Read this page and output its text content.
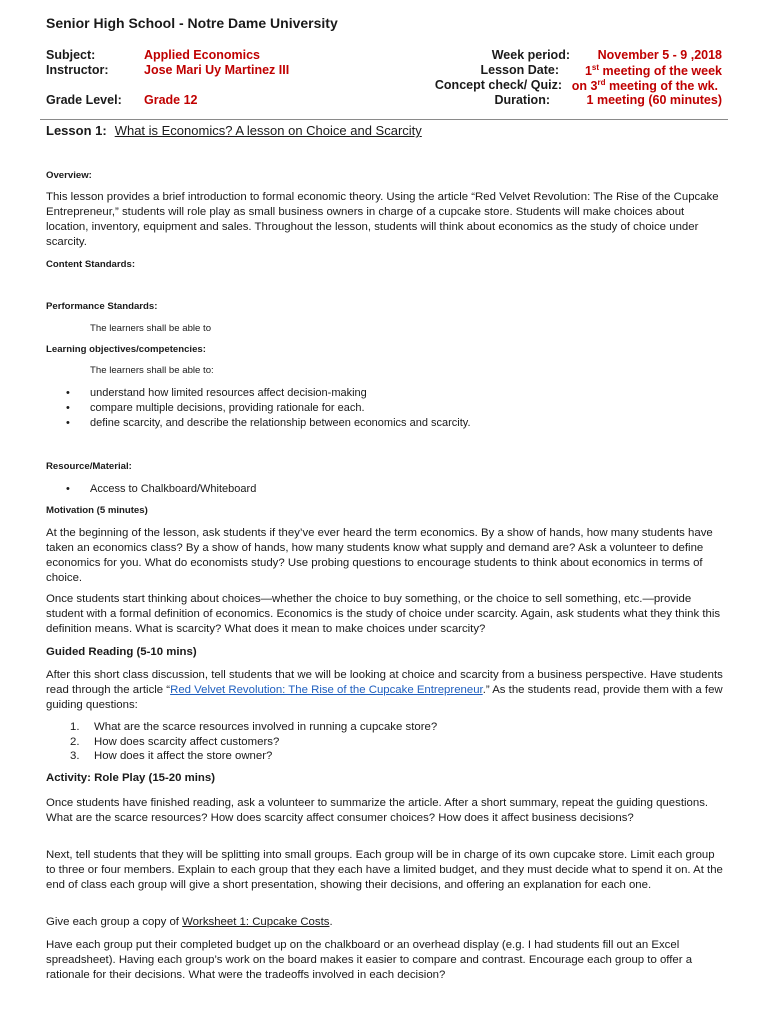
Senior High School - Notre Dame University
Subject:	Applied Economics	Week period: November 5 - 9 ,2018
Instructor:	Jose Mari Uy Martinez III	Lesson Date: 1st meeting of the week
Concept check/ Quiz: on 3rd meeting of the wk.
Grade Level: Grade 12	Duration:	1 meeting (60 minutes)
Lesson 1: What is Economics? A lesson on Choice and Scarcity
Overview:
This lesson provides a brief introduction to formal economic theory. Using the article “Red Velvet Revolution: The Rise of the Cupcake Entrepreneur,” students will role play as small business owners in charge of a cupcake store. Students will make choices about location, inventory, equipment and sales. Throughout the lesson, students will think about economics as the study of choice under scarcity.
Content Standards:
Performance Standards:
The learners shall be able to
Learning objectives/competencies:
The learners shall be able to:
• understand how limited resources affect decision-making
• compare multiple decisions, providing rationale for each.
• define scarcity, and describe the relationship between economics and scarcity.
Resource/Material:
• Access to Chalkboard/Whiteboard
Motivation (5 minutes)
At the beginning of the lesson, ask students if they’ve ever heard the term economics. By a show of hands, how many students have taken an economics class? By a show of hands, how many students know what supply and demand are? Ask a volunteer to define economics for you. What do economists study? Use probing questions to encourage students to think about economics in terms of choice.
Once students start thinking about choices—whether the choice to buy something, or the choice to sell something, etc.—provide student with a formal definition of economics. Economics is the study of choice under scarcity. Again, ask students what they think this definition means. What is scarcity? What does it mean to make choices under scarcity?
Guided Reading (5-10 mins)
After this short class discussion, tell students that we will be looking at choice and scarcity from a business perspective. Have students read through the article “Red Velvet Revolution: The Rise of the Cupcake Entrepreneur.” As the students read, provide them with a few guiding questions:
1. What are the scarce resources involved in running a cupcake store?
2. How does scarcity affect customers?
3. How does it affect the store owner?
Activity: Role Play (15-20 mins)
Once students have finished reading, ask a volunteer to summarize the article. After a short summary, repeat the guiding questions. What are the scarce resources? How does scarcity affect consumer choices? How does it affect business decisions?
Next, tell students that they will be splitting into small groups. Each group will be in charge of its own cupcake store. Limit each group to three or four members. Explain to each group that they each have a limited budget, and they must decide what to spend it on. At the end of class each group will give a short presentation, showing their decisions, and offering an explanation for each one.
Give each group a copy of Worksheet 1: Cupcake Costs.
Have each group put their completed budget up on the chalkboard or an overhead display (e.g. I had students fill out an Excel spreadsheet). Having each group’s work on the board makes it easier to compare and contrast. Encourage each group to offer a rationale for their decisions. What were the tradeoffs involved in each decision?
